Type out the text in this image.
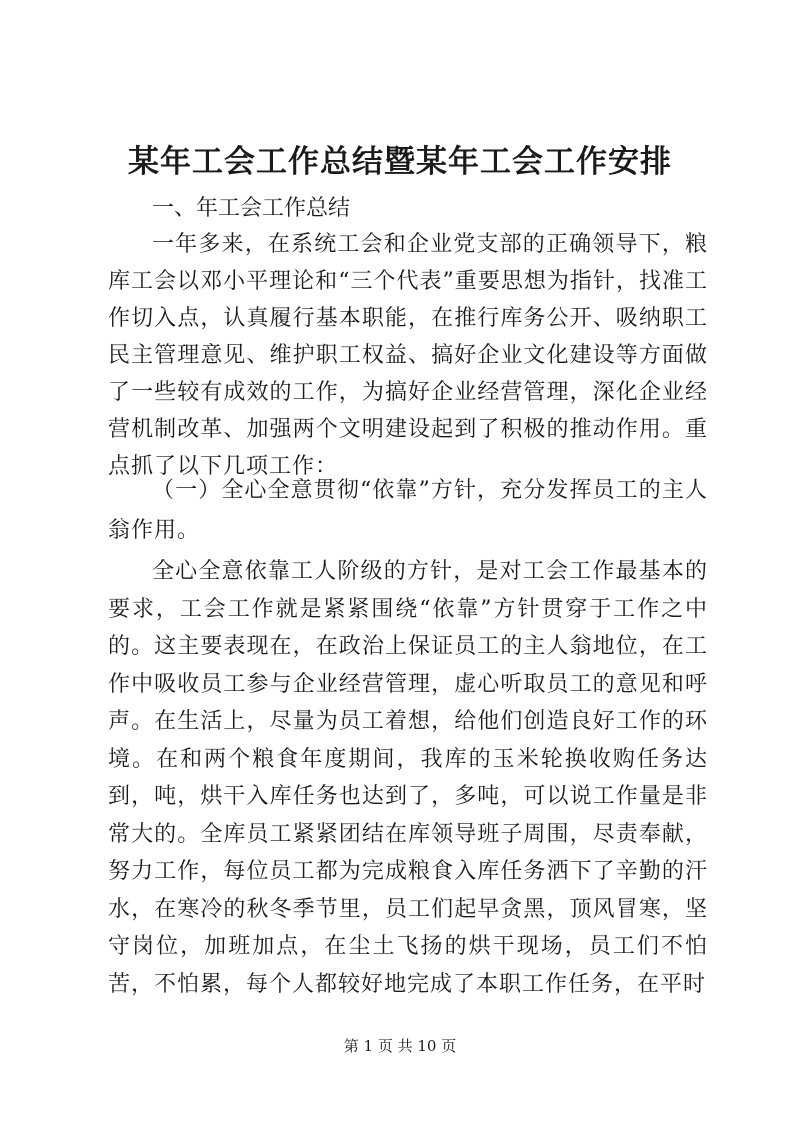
某年工会工作总结暨某年工会工作安排

一、年工会工作总结

一年多来，在系统工会和企业党支部的正确领导下，粮库工会以邓小平理论和“三个代表”重要思想为指针，找准工作切入点，认真履行基本职能，在推行库务公开、吸纳职工民主管理意见、维护职工权益、搞好企业文化建设等方面做了一些较有成效的工作，为搞好企业经营管理，深化企业经营机制改革、加强两个文明建设起到了积极的推动作用。重点抓了以下几项工作：

（一）全心全意贯彻“依靠”方针，充分发挥员工的主人翁作用。

全心全意依靠工人阶级的方针，是对工会工作最基本的要求，工会工作就是紧紧围绕“依靠”方针贯穿于工作之中的。这主要表现在，在政治上保证员工的主人翁地位，在工作中吸收员工参与企业经营管理，虚心听取员工的意见和呼声。在生活上，尽量为员工着想，给他们创造良好工作的环境。在和两个粮食年度期间，我库的玉米轮换收购任务达到，吨，烘干入库任务也达到了，多吨，可以说工作量是非常大的。全库员工紧紧团结在库领导班子周围，尽责奉献，努力工作，每位员工都为完成粮食入库任务洒下了辛勤的汗水，在寒冷的秋冬季节里，员工们起早贪黑，顶风冒寒，坚守岗位，加班加点，在尘土飞扬的烘干现场，员工们不怕苦，不怕累，每个人都较好地完成了本职工作任务，在平时

第 1 页 共 10 页
